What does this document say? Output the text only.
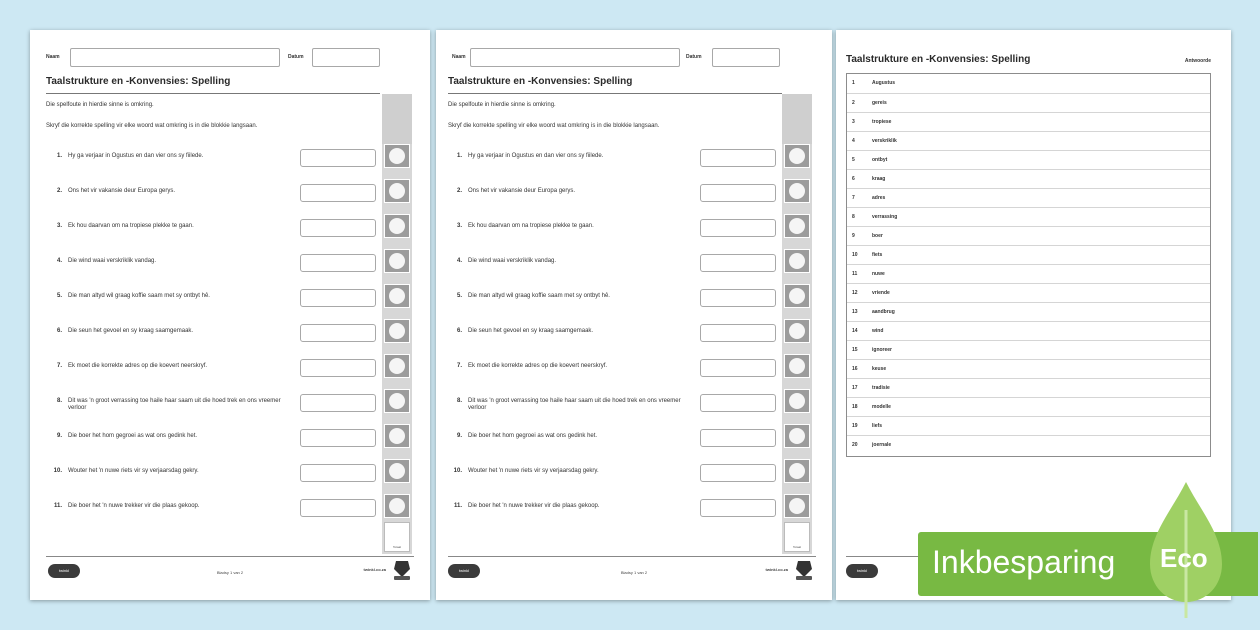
Naam	Datum
Taalstrukture en -Konvensies: Spelling
Totaal
Die spelfoute in hierdie sinne is omkring.
Skryf die korrekte spelling vir elke woord wat omkring is in die blokkie langsaan.
1. Hy ga verjaar in Ogustus en dan vier ons sy fiilede.
2. Ons het vir vakansie deur Europa gerys.
3. Ek hou daarvan om na tropiese plekke te gaan.
4. Die wind waai verskriklik vandag.
5. Die man altyd wil graag koffie saam met sy ontbyt hê.
6. Die seun het gevoel en sy kraag saamgemaak.
7. Ek moet die korrekte adres op die koevert neerskryf.
8. Dit was 'n groot verrassing toe haile haar saam uit die hoed trek en ons vreemer verloor
9. Die boer het hom gegroei as wat ons gedink het.
10. Wouter het 'n nuwe riets vir sy verjaarsdag gekry.
11. Die boer het 'n nuwe trekker vir die plaas gekoop.
twinkl	Bladsy 1 van 2
twinkl.co.za
Naam	Datum
Taalstrukture en -Konvensies: Spelling
Totaal
Die spelfoute in hierdie sinne is omkring.
Skryf die korrekte spelling vir elke woord wat omkring is in die blokkie langsaan.
1. Hy ga verjaar in Ogustus en dan vier ons sy fiilede.
2. Ons het vir vakansie deur Europa gerys.
3. Ek hou daarvan om na tropiese plekke te gaan.
4. Die wind waai verskriklik vandag.
5. Die man altyd wil graag koffie saam met sy ontbyt hê.
6. Die seun het gevoel en sy kraag saamgemaak.
7. Ek moet die korrekte adres op die koevert neerskryf.
8. Dit was 'n groot verrassing toe haile haar saam uit die hoed trek en ons vreemer verloor
9. Die boer het hom gegroei as wat ons gedink het.
10. Wouter het 'n nuwe riets vir sy verjaarsdag gekry.
11. Die boer het 'n nuwe trekker vir die plaas gekoop.
twinkl	Bladsy 1 van 2
twinkl.co.za
Taalstrukture en -Konvensies: Spelling	Antwoorde
1	Augustus
2	gereis
3	tropiese
4	verskriklik
5	ontbyt
6	kraag
7	adres
8	verrassing
9	boer
10	fiets
11	nuwe
12	vriende
13	aandbrug
14	wind
15	ignoreer
16	keuse
17	tradisie
18	modelle
19	liefs
20	joernale
twinkl	Inkbesparing Eco
